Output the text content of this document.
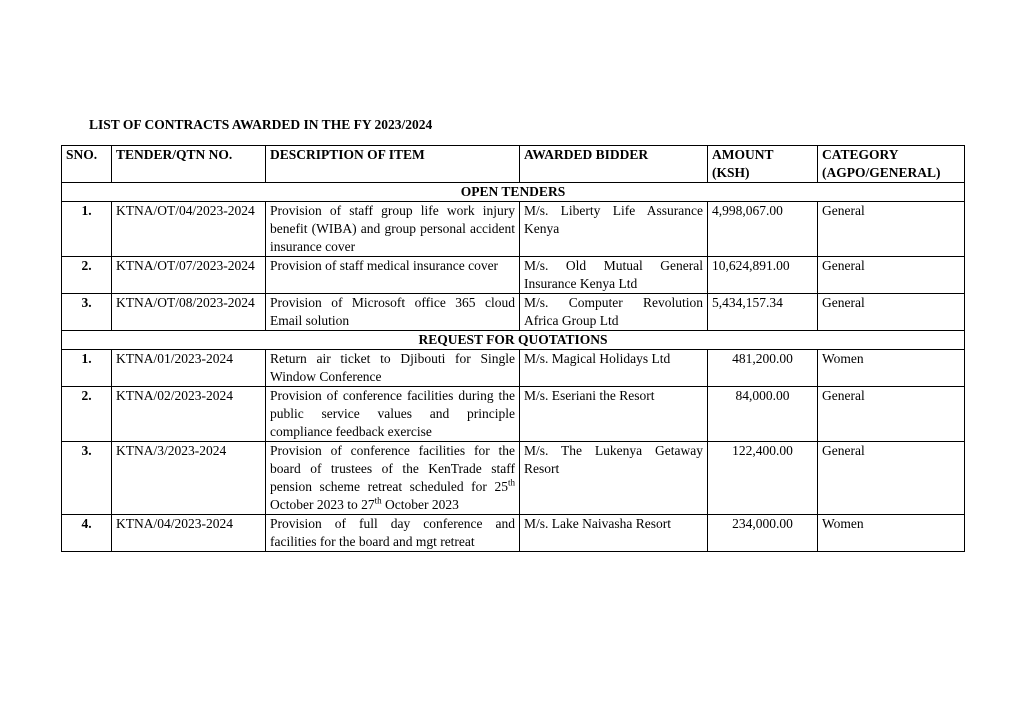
LIST OF CONTRACTS AWARDED IN THE FY 2023/2024
SNO.	TENDER/QTN NO.	DESCRIPTION OF ITEM	AWARDED BIDDER	AMOUNT (KSH)	CATEGORY (AGPO/GENERAL)
OPEN TENDERS					
1.	KTNA/OT/04/2023-2024	Provision of staff group life work injury benefit (WIBA) and group personal accident insurance cover	M/s. Liberty Life Assurance Kenya	4,998,067.00	General
2.	KTNA/OT/07/2023-2024	Provision of staff medical insurance cover	M/s. Old Mutual General Insurance Kenya Ltd	10,624,891.00	General
3.	KTNA/OT/08/2023-2024	Provision of Microsoft office 365 cloud Email solution	M/s. Computer Revolution Africa Group Ltd	5,434,157.34	General
REQUEST FOR QUOTATIONS					
1.	KTNA/01/2023-2024	Return air ticket to Djibouti for Single Window Conference	M/s. Magical Holidays Ltd	481,200.00	Women
2.	KTNA/02/2023-2024	Provision of conference facilities during the public service values and principle compliance feedback exercise	M/s. Eseriani the Resort	84,000.00	General
3.	KTNA/3/2023-2024	Provision of conference facilities for the board of trustees of the KenTrade staff pension scheme retreat scheduled for 25th October 2023 to 27th October 2023	M/s. The Lukenya Getaway Resort	122,400.00	General
4.	KTNA/04/2023-2024	Provision of full day conference and facilities for the board and mgt retreat	M/s. Lake Naivasha Resort	234,000.00	Women
